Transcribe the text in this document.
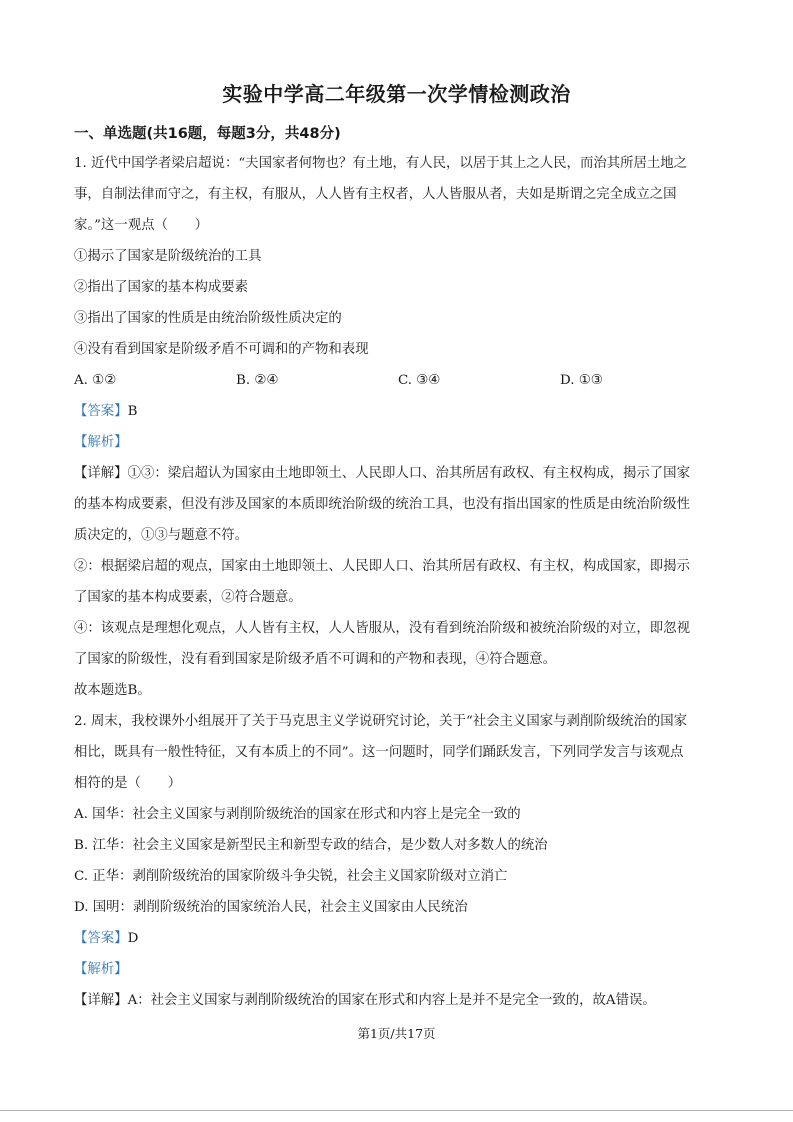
实验中学高二年级第一次学情检测政治
一、单选题(共16题，每题3分，共48分)

1. 近代中国学者梁启超说：“夫国家者何物也？有土地，有人民，以居于其上之人民，而治其所居土地之

事，自制法律而守之，有主权，有服从，人人皆有主权者，人人皆服从者，夫如是斯谓之完全成立之国

家。”这一观点（　　）

①揭示了国家是阶级统治的工具

②指出了国家的基本构成要素

③指出了国家的性质是由统治阶级性质决定的

④没有看到国家是阶级矛盾不可调和的产物和表现

A. ①②	B. ②④	C. ③④	D. ①③

【答案】B

【解析】

【详解】①③：梁启超认为国家由土地即领土、人民即人口、治其所居有政权、有主权构成，揭示了国家

的基本构成要素，但没有涉及国家的本质即统治阶级的统治工具，也没有指出国家的性质是由统治阶级性

质决定的，①③与题意不符。

②：根据梁启超的观点，国家由土地即领土、人民即人口、治其所居有政权、有主权，构成国家，即揭示

了国家的基本构成要素，②符合题意。

④：该观点是理想化观点，人人皆有主权，人人皆服从，没有看到统治阶级和被统治阶级的对立，即忽视

了国家的阶级性，没有看到国家是阶级矛盾不可调和的产物和表现，④符合题意。

故本题选B。

2. 周末，我校课外小组展开了关于马克思主义学说研究讨论，关于“社会主义国家与剥削阶级统治的国家

相比，既具有一般性特征，又有本质上的不同”。这一问题时，同学们踊跃发言，下列同学发言与该观点

相符的是（　　）

A. 国华：社会主义国家与剥削阶级统治的国家在形式和内容上是完全一致的

B. 江华：社会主义国家是新型民主和新型专政的结合，是少数人对多数人的统治

C. 正华：剥削阶级统治的国家阶级斗争尖锐，社会主义国家阶级对立消亡

D. 国明：剥削阶级统治的国家统治人民，社会主义国家由人民统治

【答案】D

【解析】

【详解】A：社会主义国家与剥削阶级统治的国家在形式和内容上是并不是完全一致的，故A错误。

第1页/共17页
